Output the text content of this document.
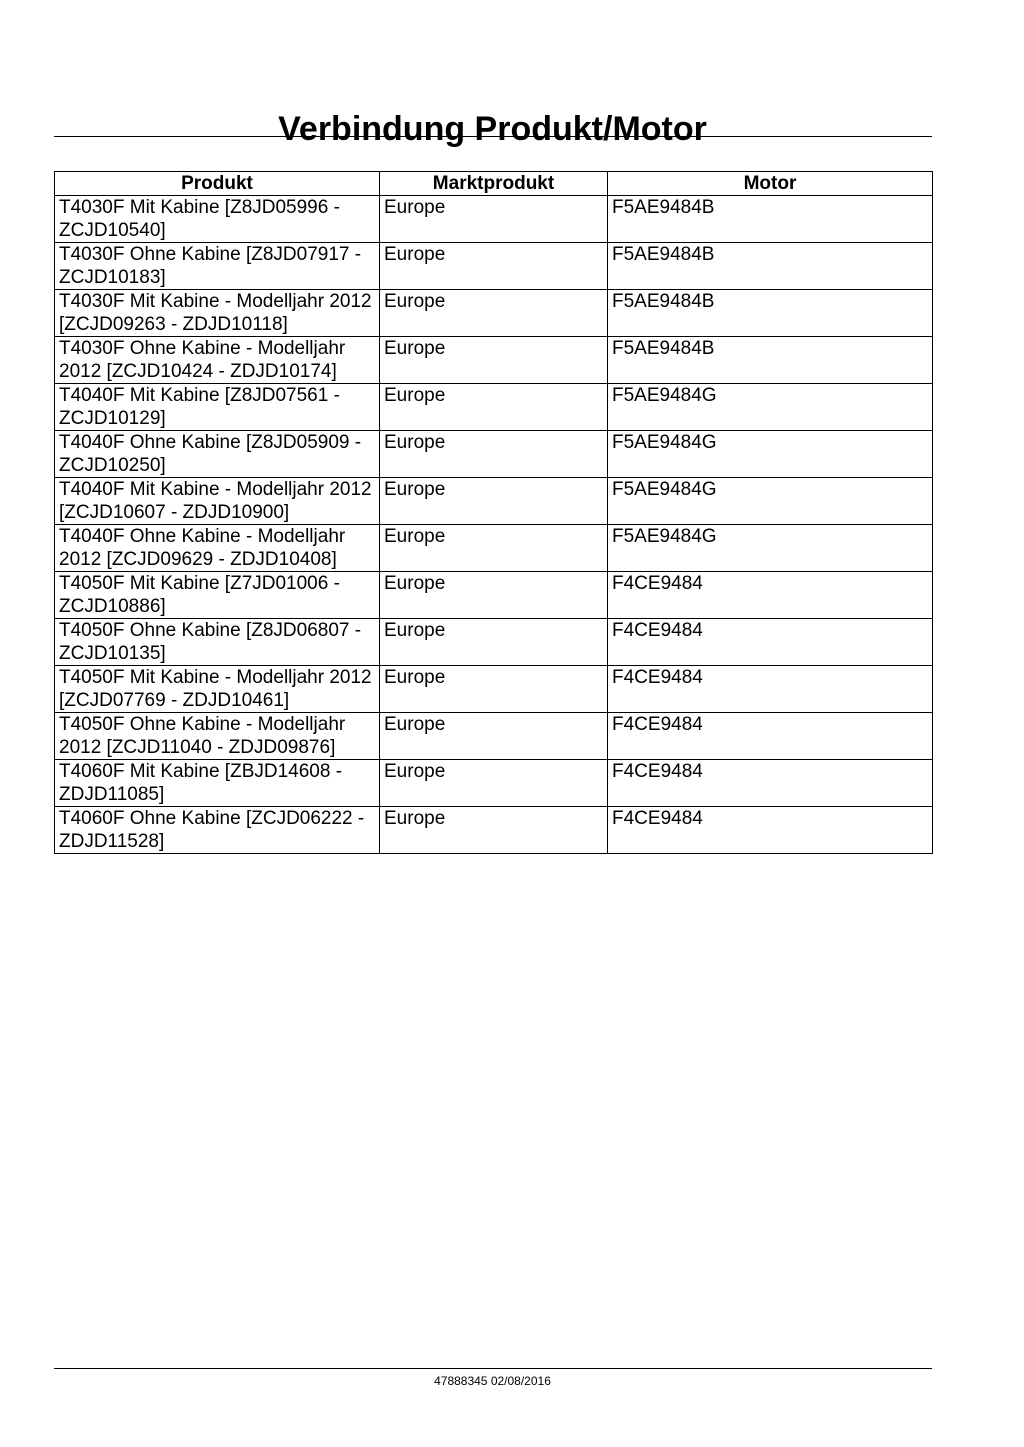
Verbindung Produkt/Motor
Produkt	Marktprodukt	Motor
T4030F Mit Kabine [Z8JD05996 - ZCJD10540]	Europe	F5AE9484B
T4030F Ohne Kabine [Z8JD07917 - ZCJD10183]	Europe	F5AE9484B
T4030F Mit Kabine - Modelljahr 2012 [ZCJD09263 - ZDJD10118]	Europe	F5AE9484B
T4030F Ohne Kabine - Modelljahr 2012 [ZCJD10424 - ZDJD10174]	Europe	F5AE9484B
T4040F Mit Kabine [Z8JD07561 - ZCJD10129]	Europe	F5AE9484G
T4040F Ohne Kabine [Z8JD05909 - ZCJD10250]	Europe	F5AE9484G
T4040F Mit Kabine - Modelljahr 2012 [ZCJD10607 - ZDJD10900]	Europe	F5AE9484G
T4040F Ohne Kabine - Modelljahr 2012 [ZCJD09629 - ZDJD10408]	Europe	F5AE9484G
T4050F Mit Kabine [Z7JD01006 - ZCJD10886]	Europe	F4CE9484
T4050F Ohne Kabine [Z8JD06807 - ZCJD10135]	Europe	F4CE9484
T4050F Mit Kabine - Modelljahr 2012 [ZCJD07769 - ZDJD10461]	Europe	F4CE9484
T4050F Ohne Kabine - Modelljahr 2012 [ZCJD11040 - ZDJD09876]	Europe	F4CE9484
T4060F Mit Kabine [ZBJD14608 - ZDJD11085]	Europe	F4CE9484
T4060F Ohne Kabine [ZCJD06222 - ZDJD11528]	Europe	F4CE9484
47888345 02/08/2016
